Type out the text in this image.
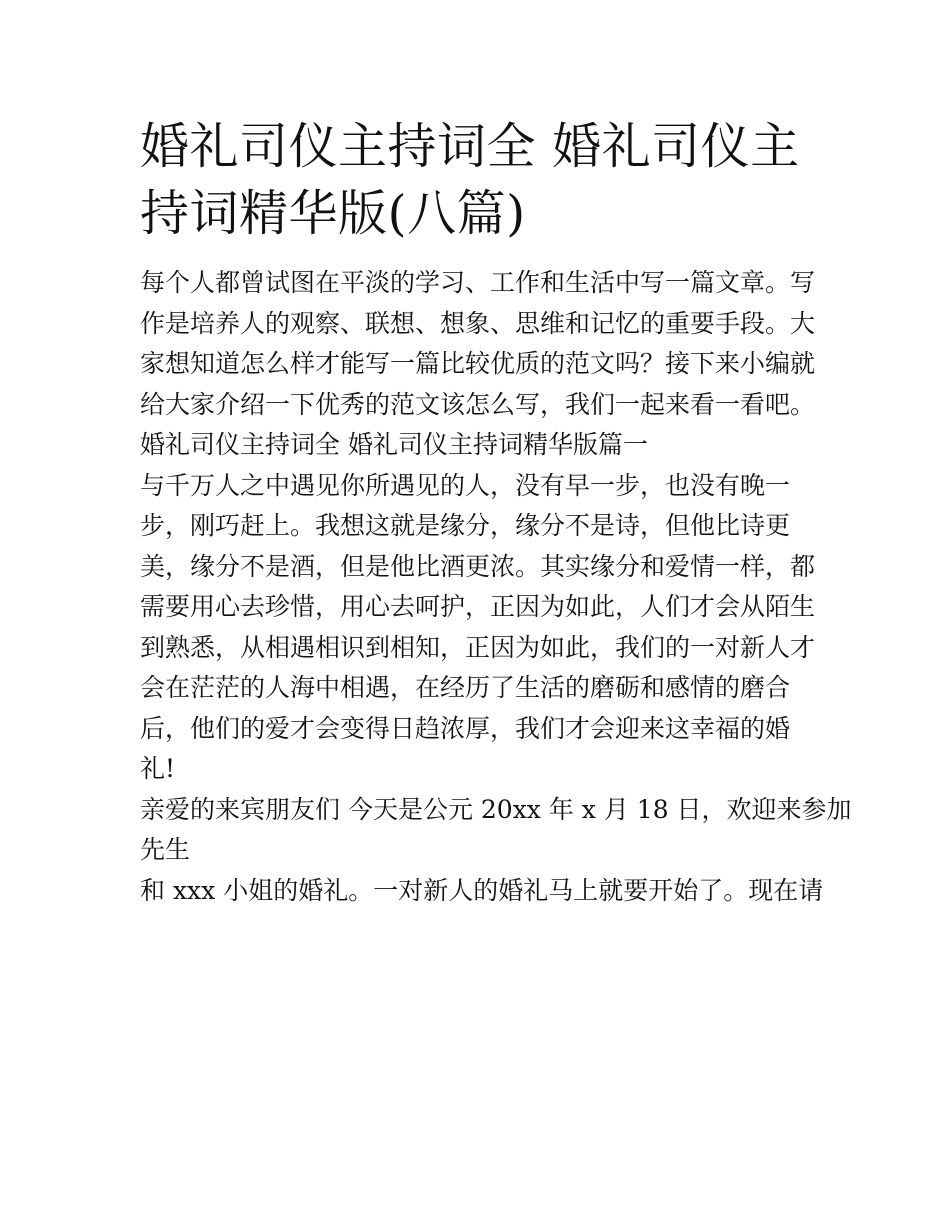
婚礼司仪主持词全 婚礼司仪主
持词精华版(八篇)
每个人都曾试图在平淡的学习、工作和生活中写一篇文章。写
作是培养人的观察、联想、想象、思维和记忆的重要手段。大
家想知道怎么样才能写一篇比较优质的范文吗？接下来小编就
给大家介绍一下优秀的范文该怎么写，我们一起来看一看吧。
婚礼司仪主持词全 婚礼司仪主持词精华版篇一
与千万人之中遇见你所遇见的人，没有早一步，也没有晚一
步，刚巧赶上。我想这就是缘分，缘分不是诗，但他比诗更
美，缘分不是酒，但是他比酒更浓。其实缘分和爱情一样，都
需要用心去珍惜，用心去呵护，正因为如此，人们才会从陌生
到熟悉，从相遇相识到相知，正因为如此，我们的一对新人才
会在茫茫的人海中相遇，在经历了生活的磨砺和感情的磨合
后，他们的爱才会变得日趋浓厚，我们才会迎来这幸福的婚
礼!
亲爱的来宾朋友们 今天是公元 20xx 年 x 月 18 日，欢迎来参加
先生
和 xxx 小姐的婚礼。一对新人的婚礼马上就要开始了。现在请
